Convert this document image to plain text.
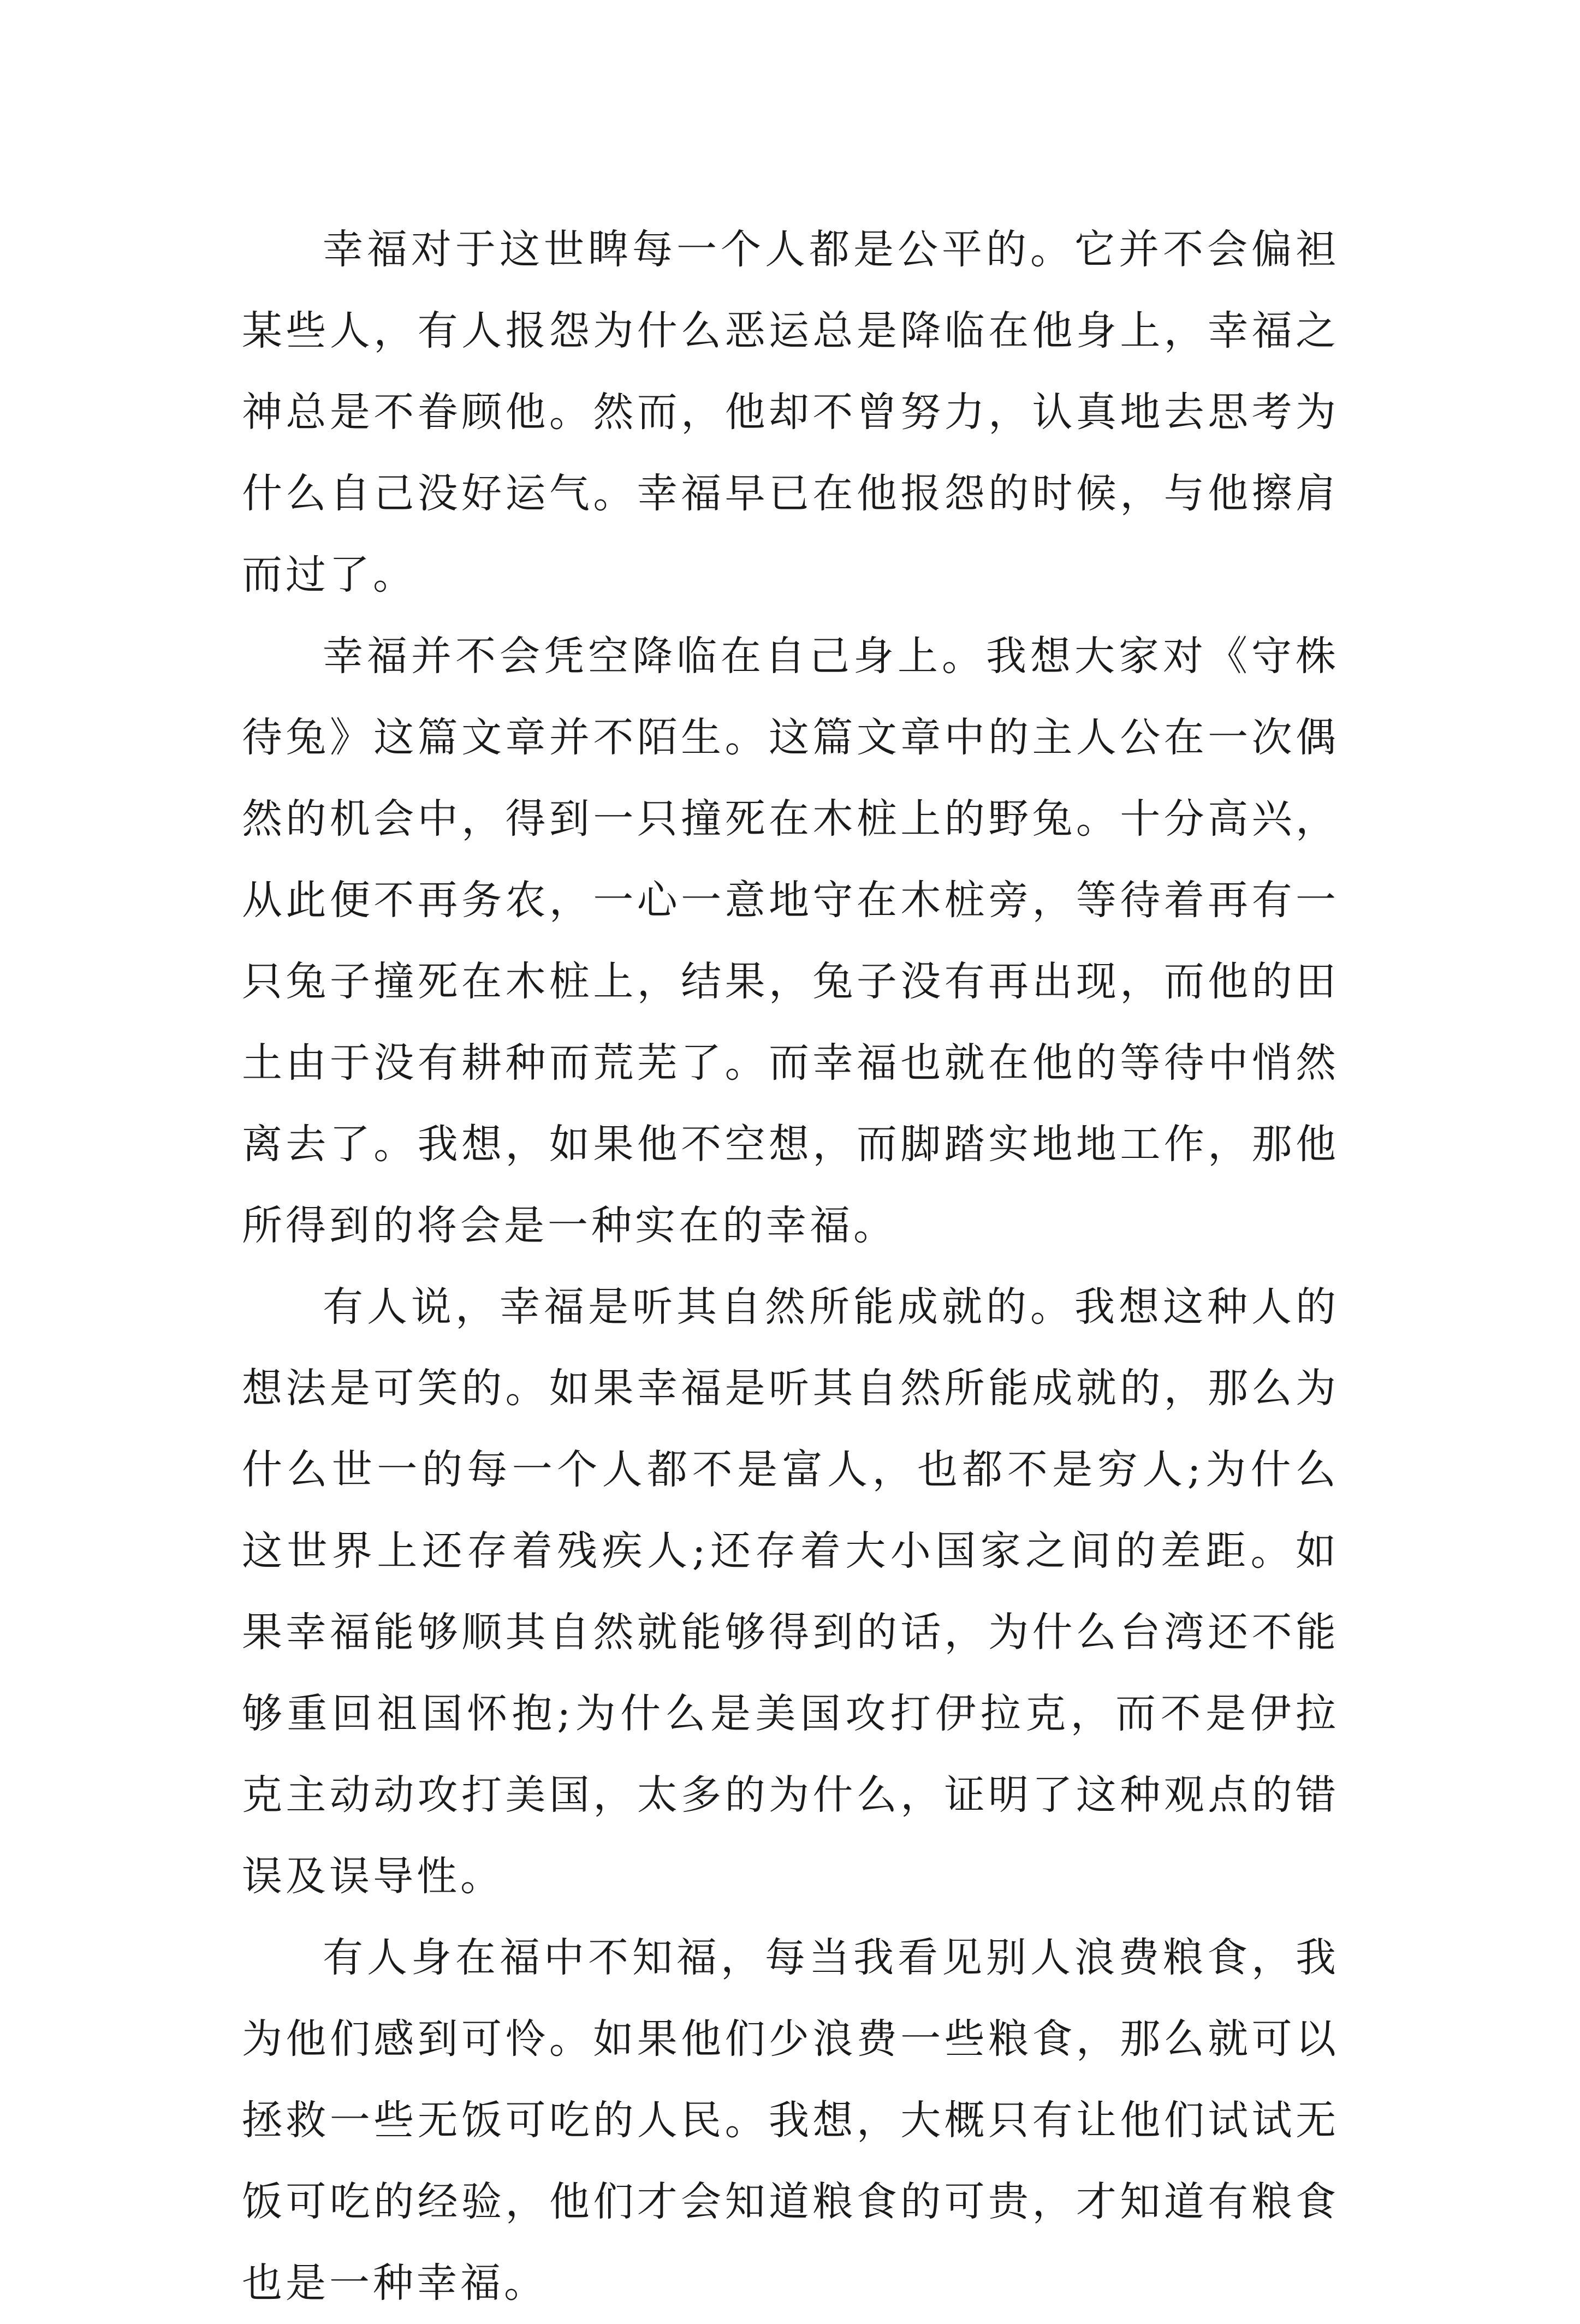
幸福对于这世睥每一个人都是公平的。它并不会偏袒某些人，有人报怨为什么恶运总是降临在他身上，幸福之神总是不眷顾他。然而，他却不曾努力，认真地去思考为什么自己没好运气。幸福早已在他报怨的时候，与他擦肩而过了。

幸福并不会凭空降临在自己身上。我想大家对《守株待兔》这篇文章并不陌生。这篇文章中的主人公在一次偶然的机会中，得到一只撞死在木桩上的野兔。十分高兴，从此便不再务农，一心一意地守在木桩旁，等待着再有一只兔子撞死在木桩上，结果，兔子没有再出现，而他的田土由于没有耕种而荒芜了。而幸福也就在他的等待中悄然离去了。我想，如果他不空想，而脚踏实地地工作，那他所得到的将会是一种实在的幸福。

有人说，幸福是听其自然所能成就的。我想这种人的想法是可笑的。如果幸福是听其自然所能成就的，那么为什么世一的每一个人都不是富人，也都不是穷人;为什么这世界上还存着残疾人;还存着大小国家之间的差距。如果幸福能够顺其自然就能够得到的话，为什么台湾还不能够重回祖国怀抱;为什么是美国攻打伊拉克，而不是伊拉克主动动攻打美国，太多的为什么，证明了这种观点的错误及误导性。

有人身在福中不知福，每当我看见别人浪费粮食，我为他们感到可怜。如果他们少浪费一些粮食，那么就可以拯救一些无饭可吃的人民。我想，大概只有让他们试试无饭可吃的经验，他们才会知道粮食的可贵，才知道有粮食也是一种幸福。
